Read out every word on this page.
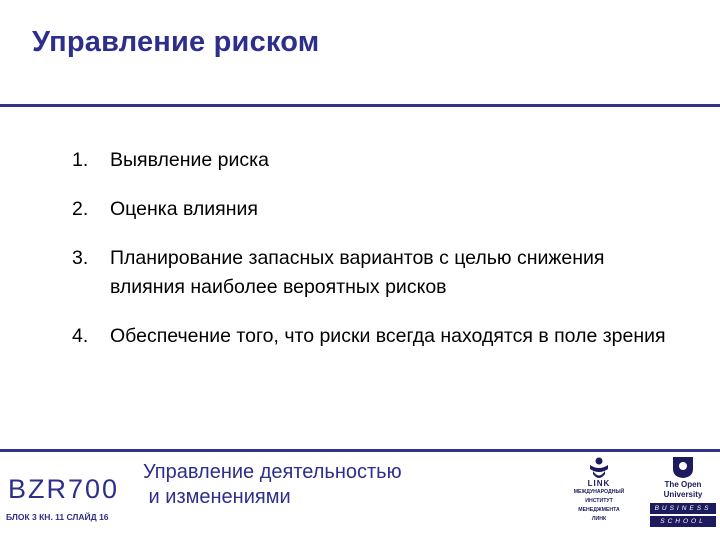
Управление риском
1. Выявление риска
2. Оценка влияния
3. Планирование запасных вариантов с целью снижения влияния наиболее вероятных рисков
4. Обеспечение того, что риски всегда находятся в поле зрения
BZR700
БЛОК 3 КН. 11 СЛАЙД 16
Управление деятельностью
и изменениями
LINK
МЕЖДУНАРОДНЫЙ
ИНСТИТУТ
МЕНЕДЖМЕНТА
ЛИНК
The Open
University
BUSINESS
SCHOOL
